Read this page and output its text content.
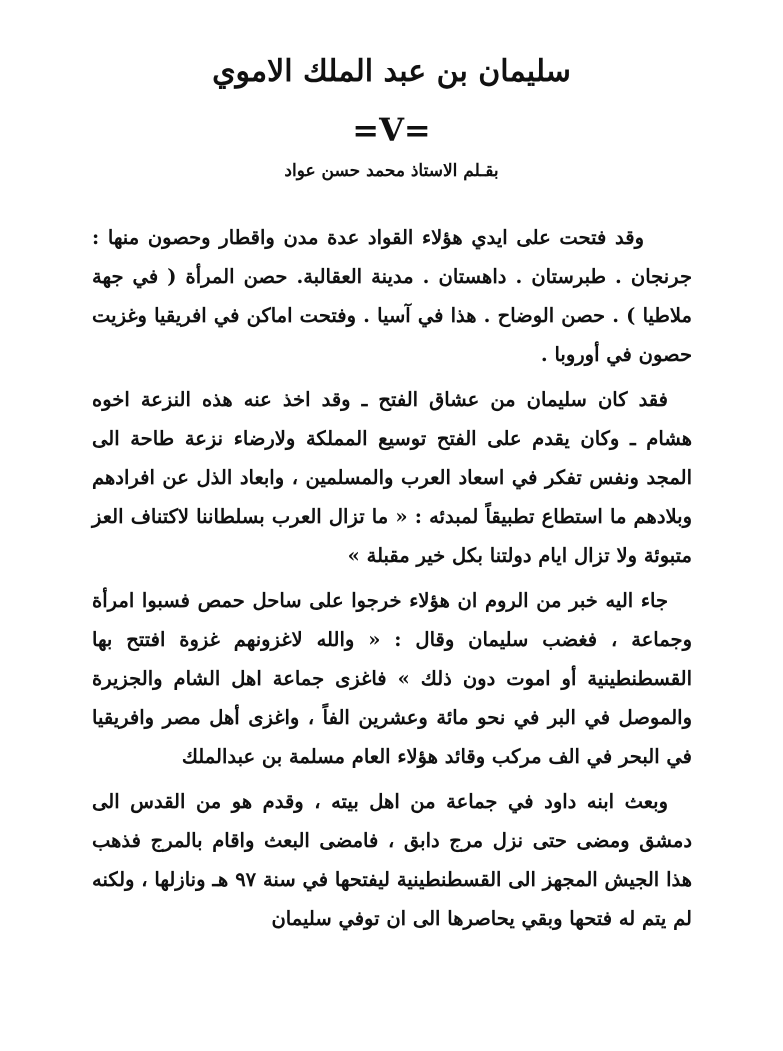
سليمان بن عبد الملك الاموي
=V=
بقـلم الاستاذ محمد حسن عواد

وقد فتحت على ايدي هؤلاء القواد عدة مدن واقطار وحصون منها : جرنجان . طبرستان . داهستان . مدينة العقالبة. حصن المرأة ( في جهة ملاطيا ) . حصن الوضاح . هذا في آسيا . وفتحت اماكن في افريقيا وغزيت حصون في أوروبا .

فقد كان سليمان من عشاق الفتح ـ وقد اخذ عنه هذه النزعة اخوه هشام ـ وكان يقدم على الفتح توسيع المملكة ولارضاء نزعة طاحة الى المجد ونفس تفكر في اسعاد العرب والمسلمين ، وابعاد الذل عن افرادهم وبلادهم ما استطاع تطبيقاً لمبدئه : « ما تزال العرب بسلطاننا لاكتناف العز متبوئة ولا تزال ايام دولتنا بكل خير مقبلة »

جاء اليه خبر من الروم ان هؤلاء خرجوا على ساحل حمص فسبوا امرأة وجماعة ، فغضب سليمان وقال : « والله لاغزونهم غزوة افتتح بها القسطنطينية أو اموت دون ذلك » فاغزى جماعة اهل الشام والجزيرة والموصل في البر في نحو مائة وعشرين الفاً ، واغزى أهل مصر وافريقيا في البحر في الف مركب وقائد هؤلاء العام مسلمة بن عبدالملك

وبعث ابنه داود في جماعة من اهل بيته ، وقدم هو من القدس الى دمشق ومضى حتى نزل مرج دابق ، فامضى البعث واقام بالمرج فذهب هذا الجيش المجهز الى القسطنطينية ليفتحها في سنة ٩٧ هـ ونازلها ، ولكنه لم يتم له فتحها وبقي يحاصرها الى ان توفي سليمان
